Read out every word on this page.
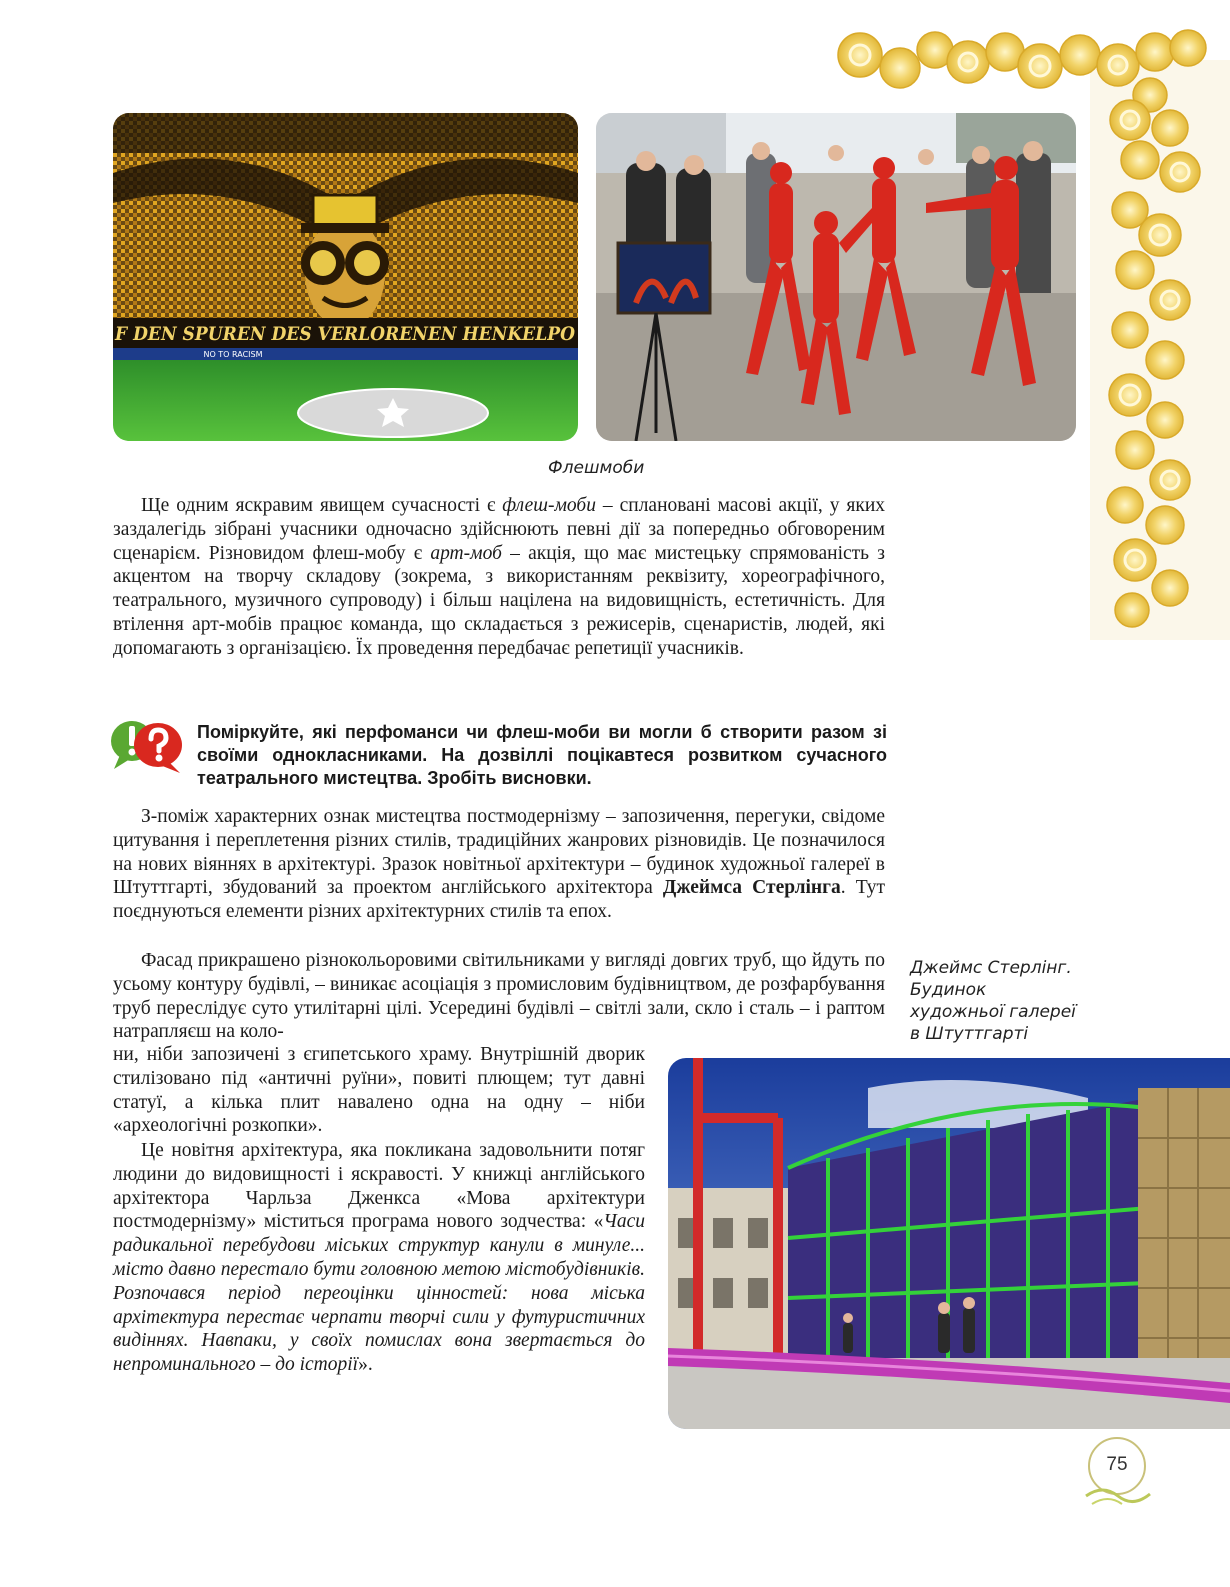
F DEN SPUREN DES VERLORENEN HENKELPO
NO TO RACISM
Флешмоби

Ще одним яскравим явищем сучасності є флеш-моби – сплановані масові акції, у яких заздалегідь зібрані учасники одночасно здійснюють певні дії за попередньо обговореним сценарієм. Різновидом флеш-мобу є арт-моб – акція, що має мистецьку спрямованість з акцентом на творчу складову (зокрема, з використанням реквізиту, хореографічного, театрального, музичного супроводу) і більш націлена на видовищність, естетичність. Для втілення арт-мобів працює команда, що складається з режисерів, сценаристів, людей, які допомагають з організацією. Їх проведення передбачає репетиції учасників.

Поміркуйте, які перфоманси чи флеш-моби ви могли б створити разом зі своїми однокласниками. На дозвіллі поцікавтеся розвитком сучасного театрального мистецтва. Зробіть висновки.

З-поміж характерних ознак мистецтва постмодернізму – запозичення, перегуки, свідоме цитування і переплетення різних стилів, традиційних жанрових різновидів. Це позначилося на нових віяннях в архітектурі. Зразок новітньої архітектури – будинок художньої галереї в Штуттгарті, збудований за проектом англійського архітектора Джеймса Стерлінга. Тут поєднуються елементи різних архітектурних стилів та епох.

Фасад прикрашено різнокольоровими світильниками у вигляді довгих труб, що йдуть по усьому контуру будівлі, – виникає асоціація з промисловим будівництвом, де розфарбування труб переслідує суто утилітарні цілі. Усередині будівлі – світлі зали, скло і сталь – і раптом натрапляєш на коло-

Джеймс Стерлінг.
Будинок
художньої галереї
в Штуттгарті

ни, ніби запозичені з єгипетського храму. Внутрішній дворик стилізовано під «античні руїни», повиті плющем; тут давні статуї, а кілька плит навалено одна на одну – ніби «археологічні розкопки».

Це новітня архітектура, яка покликана задовольнити потяг людини до видовищності і яскравості. У книжці англійського архітектора Чарльза Дженкса «Мова архітектури постмодернізму» міститься програма нового зодчества: «Часи радикальної перебудови міських структур канули в минуле... місто давно перестало бути головною метою містобудівників. Розпочався період переоцінки цінностей: нова міська архітектура перестає черпати творчі сили у футуристичних видіннях. Навпаки, у своїх помислах вона звертається до непроминального – до історії».

75
